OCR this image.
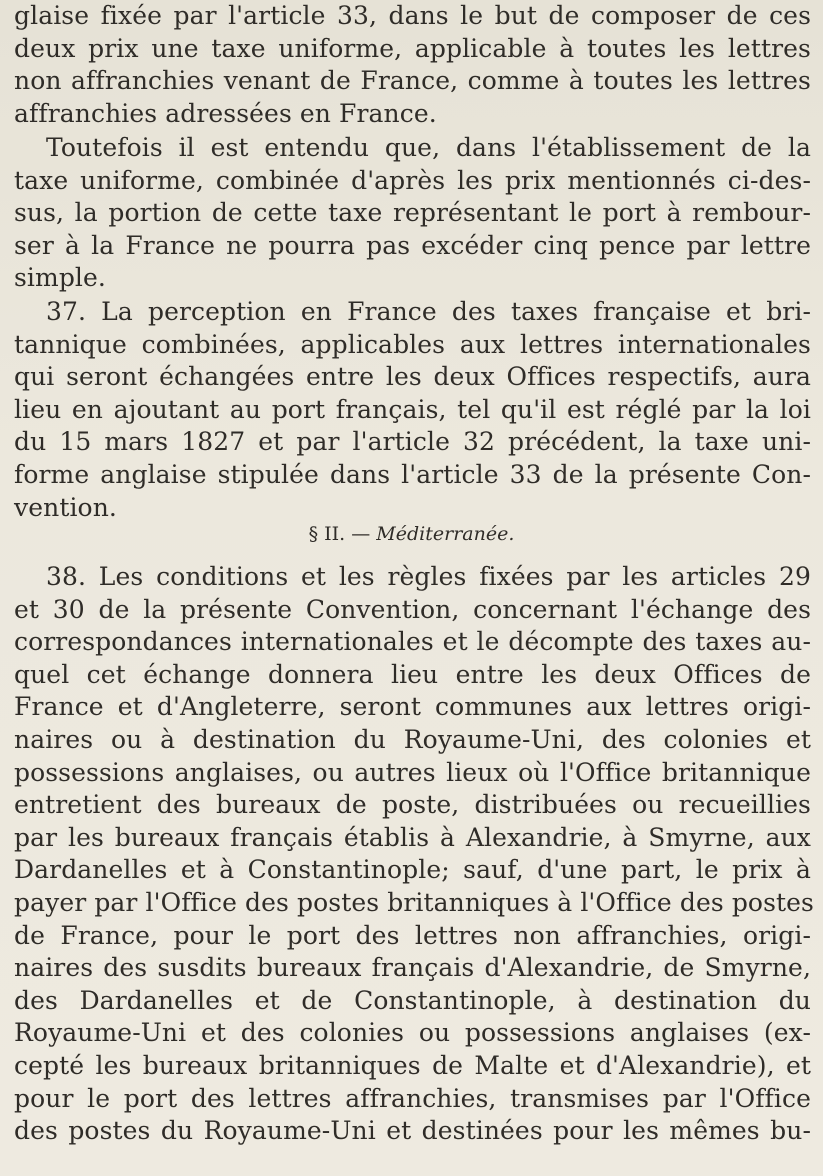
glaise fixée par l'article 33, dans le but de composer de ces
deux prix une taxe uniforme, applicable à toutes les lettres
non affranchies venant de France, comme à toutes les lettres
affranchies adressées en France.
Toutefois il est entendu que, dans l'établissement de la
taxe uniforme, combinée d'après les prix mentionnés ci-des-
sus, la portion de cette taxe représentant le port à rembour-
ser à la France ne pourra pas excéder cinq pence par lettre
simple.
37. La perception en France des taxes française et bri-
tannique combinées, applicables aux lettres internationales
qui seront échangées entre les deux Offices respectifs, aura
lieu en ajoutant au port français, tel qu'il est réglé par la loi
du 15 mars 1827 et par l'article 32 précédent, la taxe uni-
forme anglaise stipulée dans l'article 33 de la présente Con-
vention.
§ II. — Méditerranée.
38. Les conditions et les règles fixées par les articles 29
et 30 de la présente Convention, concernant l'échange des
correspondances internationales et le décompte des taxes au-
quel cet échange donnera lieu entre les deux Offices de
France et d'Angleterre, seront communes aux lettres origi-
naires ou à destination du Royaume-Uni, des colonies et
possessions anglaises, ou autres lieux où l'Office britannique
entretient des bureaux de poste, distribuées ou recueillies
par les bureaux français établis à Alexandrie, à Smyrne, aux
Dardanelles et à Constantinople; sauf, d'une part, le prix à
payer par l'Office des postes britanniques à l'Office des postes
de France, pour le port des lettres non affranchies, origi-
naires des susdits bureaux français d'Alexandrie, de Smyrne,
des Dardanelles et de Constantinople, à destination du
Royaume-Uni et des colonies ou possessions anglaises (ex-
cepté les bureaux britanniques de Malte et d'Alexandrie), et
pour le port des lettres affranchies, transmises par l'Office
des postes du Royaume-Uni et destinées pour les mêmes bu-
